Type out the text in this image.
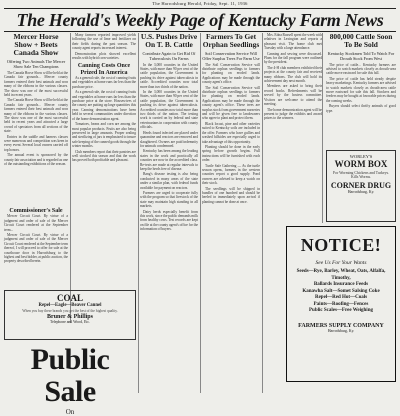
The Harrodsburg Herald, Friday, Sept. 11, 1936
The Herald's Weekly Page of Kentucky Farm News
Mercer Horse Show + Beets Canada Show
Offering Two Animals The Mercer Show Sale Ten Champions

The Canada Horse Show will be held at the Canada fair grounds... Mercer county farmers entered their best animals and won many of the ribbons in the various classes. The show was one of the most successful held in recent years.

The Canada Horse Show will be held at the Canada fair grounds... Mercer county farmers entered their best animals and won many of the ribbons in the various classes. The show was one of the most successful held in recent years and attracted a large crowd of spectators from all sections of the state.

Entries in the saddle and harness classes were numerous and competition was keen in every event. Several local owners carried off top honors.

The annual event is sponsored by the county fair association and is regarded as one of the outstanding exhibitions of the season.

Commissioner's Sale

Mercer Circuit Court. By virtue of a judgment and order of sale of the Mercer Circuit Court rendered at the September term...

Mercer Circuit Court. By virtue of a judgment and order of sale of the Mercer Circuit Court rendered at the September term thereof, I will proceed to offer for sale at the courthouse door in Harrodsburg to the highest and best bidder, at public auction, the property described herein.

COAL
Repel—Eagle—Beaver Cannel
When you buy these brands you get the best of the highest quality.
Bruner & Phillips
Telephone and Wood, Etc.
Public Sale
On

Many farmers reported improved yields following the use of lime and fertilizer on their fields during the past season. The county agent reports increased interest.

Demonstration plots showed excellent results with hybrid corn varieties.

Canning Costs Once Prized In America

As a general rule, the cost of canning fruits and vegetables at home runs far less than the purchase price.

As a general rule, the cost of canning fruits and vegetables at home runs far less than the purchase price at the store. Housewives of the county are putting up large quantities this year. Canning demonstrations have been held in several communities under direction of the home demonstration agent.

Tomatoes, beans and corn are among the most popular products. Fruits are also being preserved in large amounts. Proper sealing and sterilizing of jars is emphasized to insure safe keeping of the canned goods through the winter months.

Club members report that their pantries are well stocked this season and that the work has proved both profitable and pleasant.

U.S. Pushes Drive On T. B. Cattle
Contribute Again to Get Rid Of Tuberculosis On Farms

In the 3,000 counties in the United States, with more than 90 per cent of the cattle population, the Government is pushing its drive against tuberculosis in cattle. Accredited counties now total more than two thirds of the nation.

In the 3,000 counties in the United States, with more than 90 per cent of the cattle population, the Government is pushing its drive against tuberculosis. Accredited counties now total more than two thirds of the nation. The testing work is carried on by federal and state veterinarians in cooperation with county officials.

Herds found infected are placed under quarantine and reactors are removed and slaughtered. Owners are paid indemnity for animals condemned.

Kentucky has been among the leading states in the work and practically all counties are now in the accredited class. Re-tests are made at regular intervals to keep the herds free of disease.

Bang's disease testing is also being conducted in many areas of the state under a similar plan, with federal funds available for payment on reactors.

Farmers are urged to cooperate fully with the program so that livestock of the state may maintain high standing in all markets.

Dairy herds especially benefit from this work, since the public demands milk from healthy cows. Test records are kept on file at the county agent's office for the information of buyers.

Farmers To Get Orphan Seedlings
Soil Conservation Service Will Offer Surplus Trees For Farm Use

The Soil Conservation Service will distribute orphan seedlings to farmers for planting on eroded lands. Applications may be made through the county agent's office.

The Soil Conservation Service will distribute orphan seedlings to farmers for planting on eroded lands. Applications may be made through the county agent's office. These trees are surplus stock from government nurseries and will be given free to landowners who agree to plant and protect them.

Black locust, pine and other varieties suited to Kentucky soils are included in the offer. Farmers who have gullies and washed hillsides are especially urged to take advantage of this opportunity.

Planting should be done in the early spring before growth begins. Full instructions will be furnished with each order.

Turtle Safe Gathering — As the turtle season opens, farmers in the western counties report a good supply. Pond owners are advised to keep a watch on their stock.

The seedlings will be shipped in bundles of one hundred and should be heeled in immediately upon arrival if planting cannot be done at once.

Mrs. Edna Russell spent the week with relatives in Lexington and reports a pleasant visit. The home club met Tuesday with a large attendance.

Canning and sewing were discussed. Plans for the fall program were outlined by the president.

The 4-H club members exhibited their projects at the county fair and received many ribbons. The club will hold its achievement day next month.

Members are asked to bring their record books. Refreshments will be served by the hostess committee. Visitors are welcome to attend the meeting.

The home demonstration agent will be present to judge the exhibits and award prizes to the winners.

800,000 Cattle Soon To Be Sold
Kentucky Stockmen Told To Watch For Drouth Stock From West

The price of cattle... Kentucky farmers are advised to watch markets closely as drouth-area cattle move eastward for sale this fall.

The price of cattle has held steady despite heavy marketings. Kentucky farmers are advised to watch markets closely as drouth-area cattle move eastward for sale this fall. Stockers and feeders may be bought at favorable prices during the coming weeks.

Buyers should select thrifty animals of good type.

WORLEY'S
WORM BOX
For Worming Chickens and Turkeys. Kills Worms.
CORNER DRUG
Harrodsburg, Ky.
NOTICE!
See Us For Your Wants
Seeds—Rye, Barley, Wheat, Oats, Alfalfa, Timothy,
Ballards Insurance Feeds
Kanawha Salt—Somet Salsing Coke
Repel—Red Hot—Coals
Paints—Roofing—Fences
Public Scales—Free Weighing
FARMERS SUPPLY COMPANY
Harrodsburg, Ky.
